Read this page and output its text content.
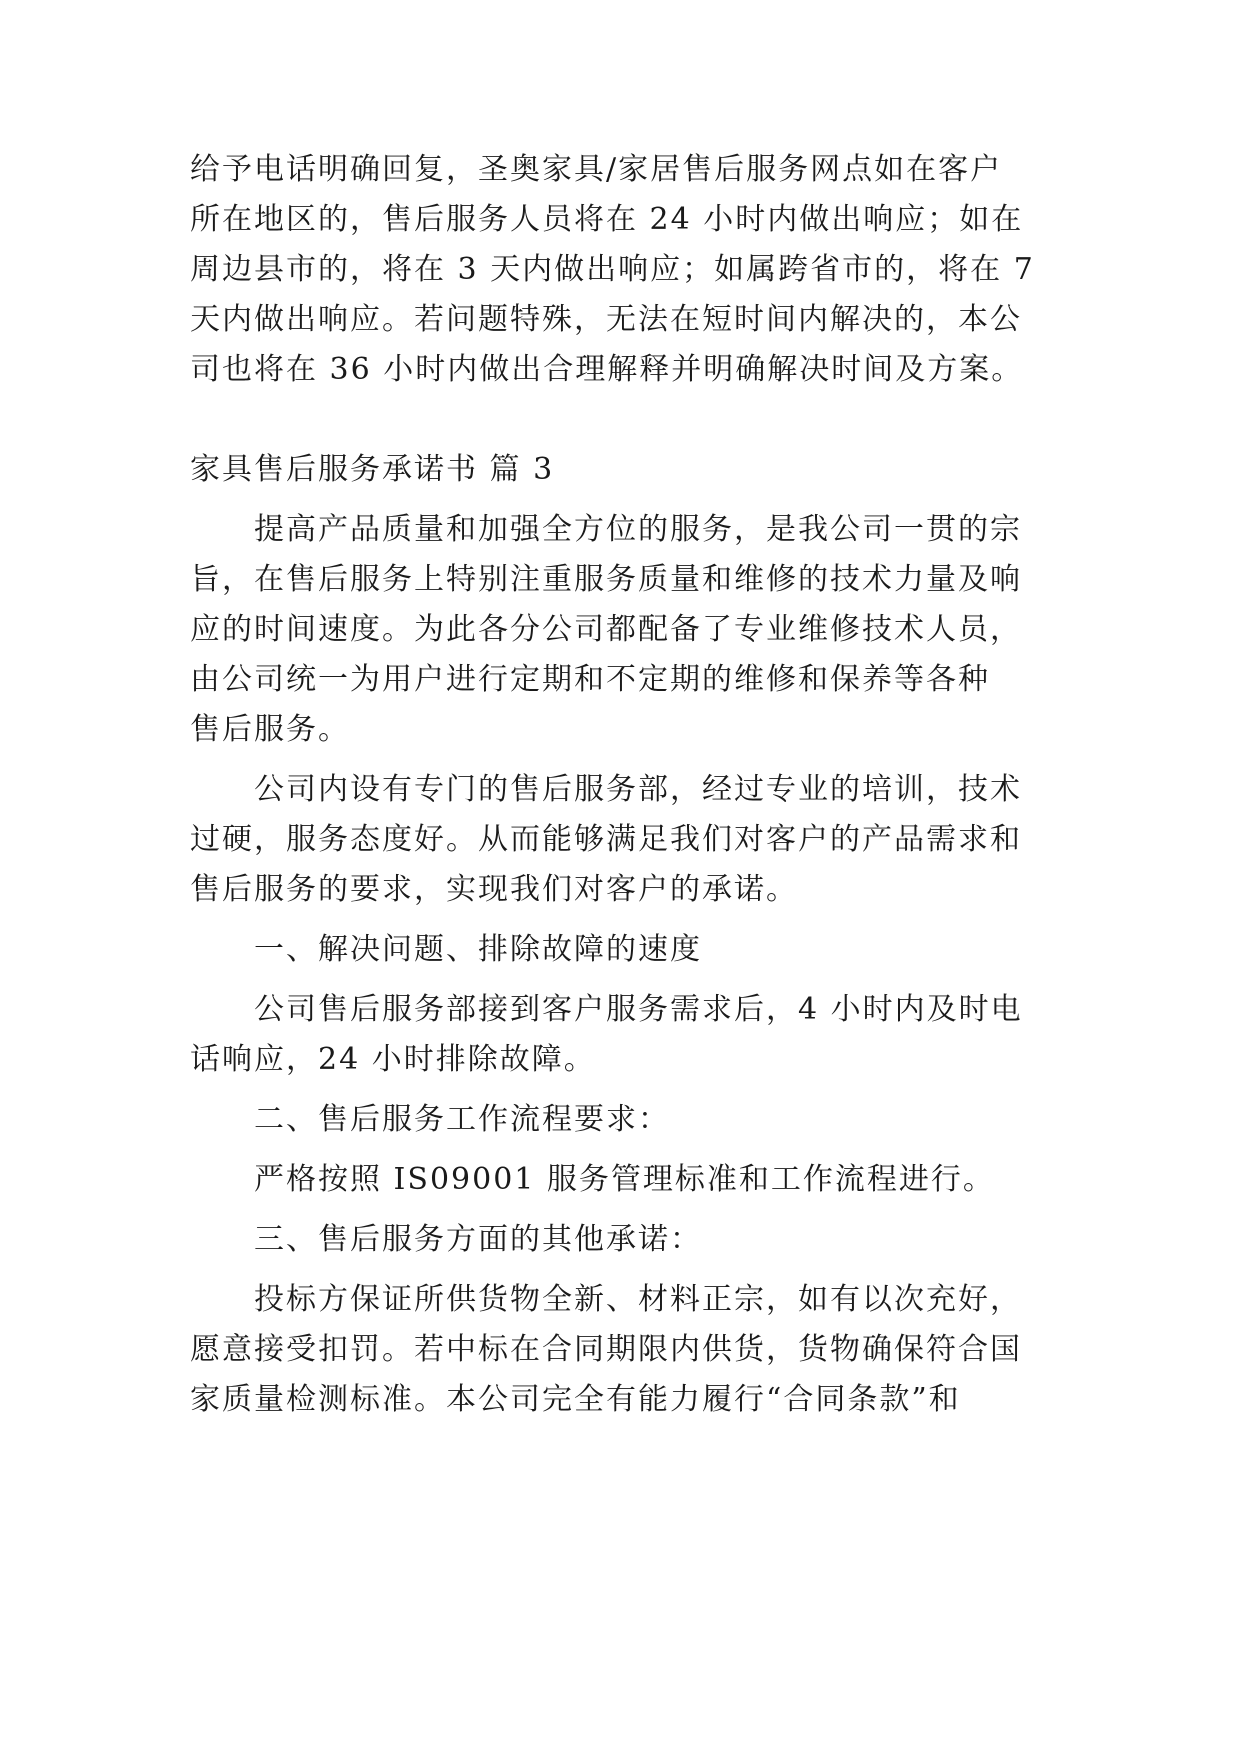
给予电话明确回复，圣奥家具/家居售后服务网点如在客户
所在地区的，售后服务人员将在 24 小时内做出响应；如在
周边县市的，将在 3 天内做出响应；如属跨省市的，将在 7
天内做出响应。若问题特殊，无法在短时间内解决的，本公
司也将在 36 小时内做出合理解释并明确解决时间及方案。
家具售后服务承诺书 篇 3
提高产品质量和加强全方位的服务，是我公司一贯的宗
旨，在售后服务上特别注重服务质量和维修的技术力量及响
应的时间速度。为此各分公司都配备了专业维修技术人员，
由公司统一为用户进行定期和不定期的维修和保养等各种
售后服务。
公司内设有专门的售后服务部，经过专业的培训，技术
过硬，服务态度好。从而能够满足我们对客户的产品需求和
售后服务的要求，实现我们对客户的承诺。
一、解决问题、排除故障的速度
公司售后服务部接到客户服务需求后，4 小时内及时电
话响应，24 小时排除故障。
二、售后服务工作流程要求：
严格按照 IS09001 服务管理标准和工作流程进行。
三、售后服务方面的其他承诺：
投标方保证所供货物全新、材料正宗，如有以次充好，
愿意接受扣罚。若中标在合同期限内供货，货物确保符合国
家质量检测标准。本公司完全有能力履行“合同条款”和
